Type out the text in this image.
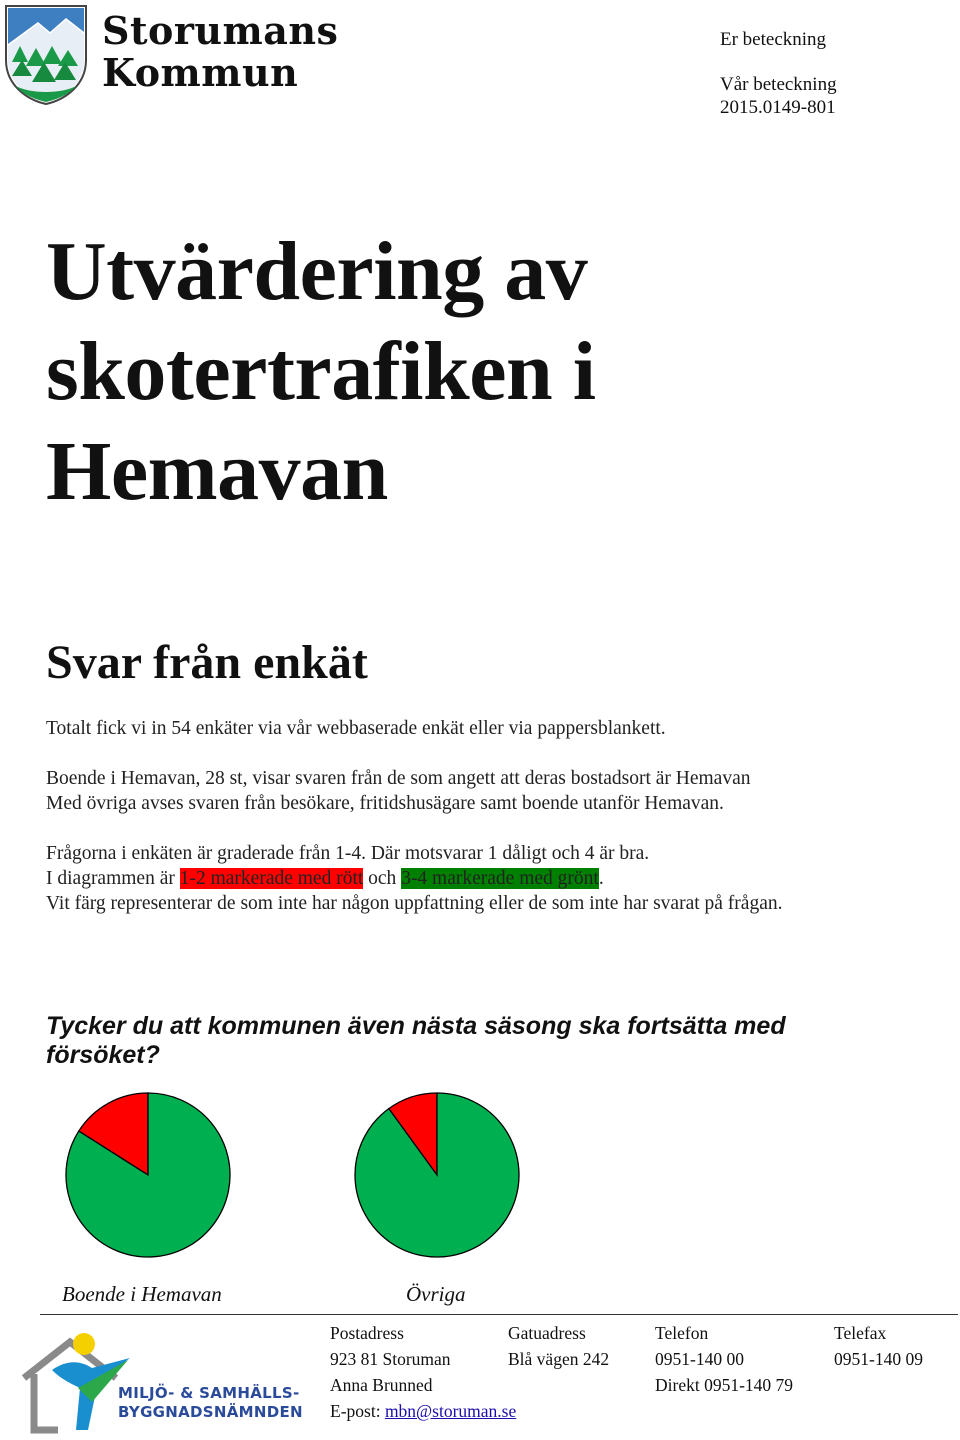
Storumans
Kommun
Er beteckning
Vår beteckning
2015.0149-801
Utvärdering av
skotertrafiken i
Hemavan
Svar från enkät
Totalt fick vi in 54 enkäter via vår webbaserade enkät eller via pappersblankett.
Boende i Hemavan, 28 st, visar svaren från de som angett att deras bostadsort är Hemavan
Med övriga avses svaren från besökare, fritidshusägare samt boende utanför Hemavan.
Frågorna i enkäten är graderade från 1-4. Där motsvarar 1 dåligt och 4 är bra.
I diagrammen är 1-2 markerade med rött och 3-4 markerade med grönt.
Vit färg representerar de som inte har någon uppfattning eller de som inte har svarat på frågan.
Tycker du att kommunen även nästa säsong ska fortsätta med försöket?
Boende i Hemavan	Övriga
MILJÖ- & SAMHÄLLS-
BYGGNADSNÄMNDEN
Postadress
923 81 Storuman
Anna Brunned
E-post: mbn@storuman.se
Gatuadress
Blå vägen 242
Telefon
0951-140 00
Direkt 0951-140 79
Telefax
0951-140 09
